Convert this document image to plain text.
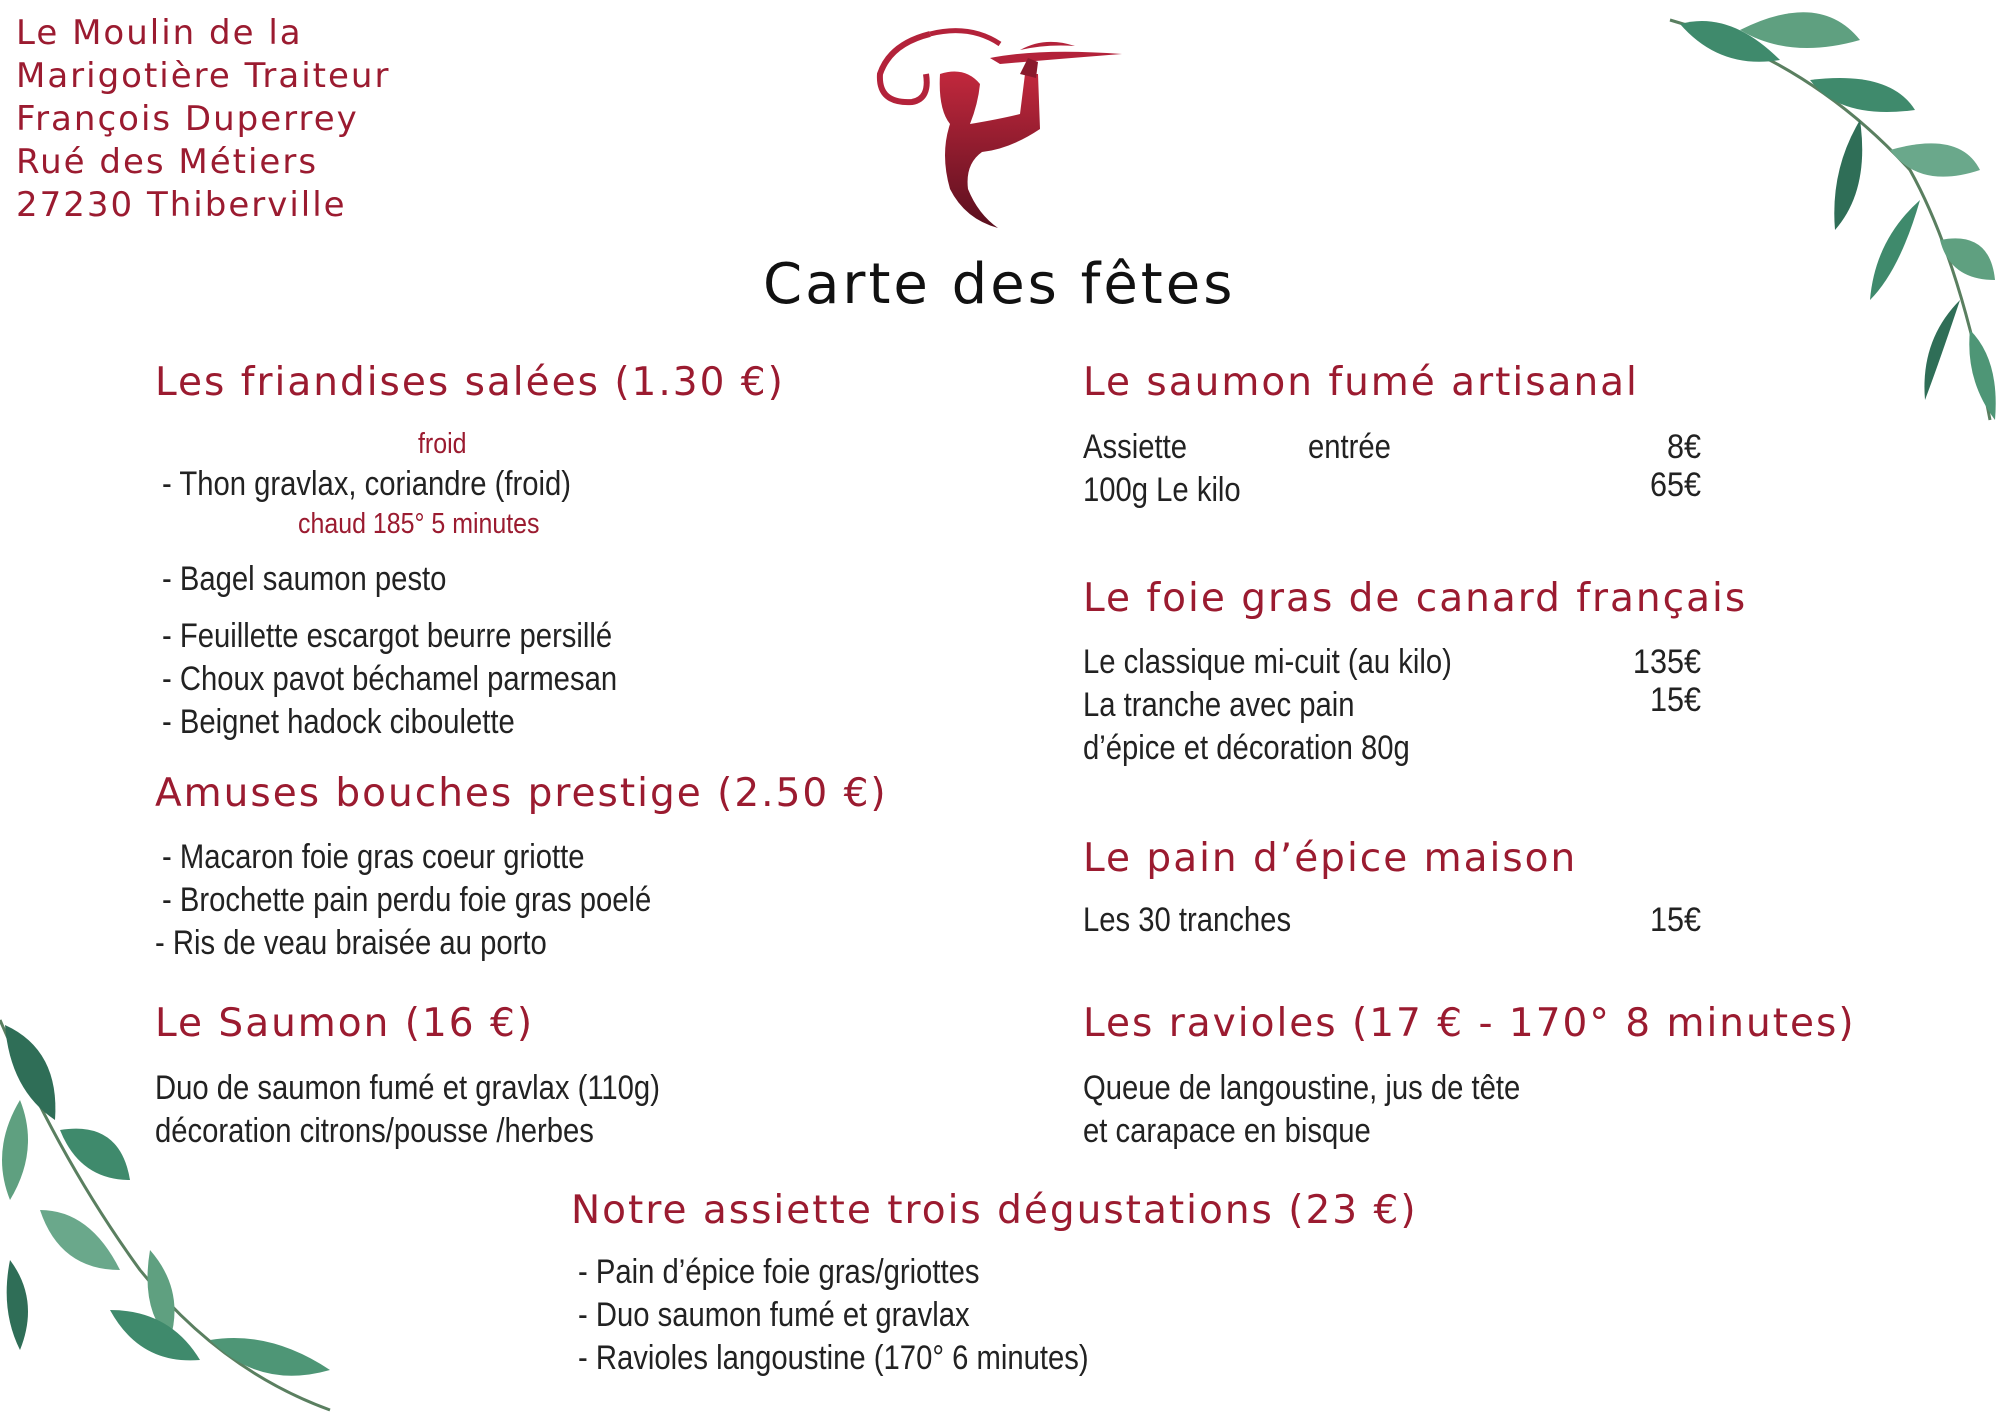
Le Moulin de la
Marigotière Traiteur
François Duperrey
Rué des Métiers
27230 Thiberville
Carte des fêtes
Les friandises salées (1.30 €)
froid
- Thon gravlax, coriandre (froid)
chaud 185° 5 minutes
- Bagel saumon pesto
- Feuillette escargot beurre persillé
- Choux pavot béchamel parmesan
- Beignet hadock ciboulette
Amuses bouches prestige (2.50 €)
- Macaron foie gras coeur griotte
- Brochette pain perdu foie gras poelé
- Ris de veau braisée au porto
Le Saumon (16 €)
Duo de saumon fumé et gravlax (110g)
décoration citrons/pousse /herbes
Le saumon fumé artisanal
Assiette	entrée	8€
100g Le kilo	65€
Le foie gras de canard français
Le classique mi-cuit (au kilo)	135€
La tranche avec pain	15€
d’épice et décoration 80g
Le pain d’épice maison
Les 30 tranches	15€
Les ravioles (17 € - 170° 8 minutes)
Queue de langoustine, jus de tête
et carapace en bisque
Notre assiette trois dégustations (23 €)
- Pain d’épice foie gras/griottes
- Duo saumon fumé et gravlax
- Ravioles langoustine (170° 6 minutes)
